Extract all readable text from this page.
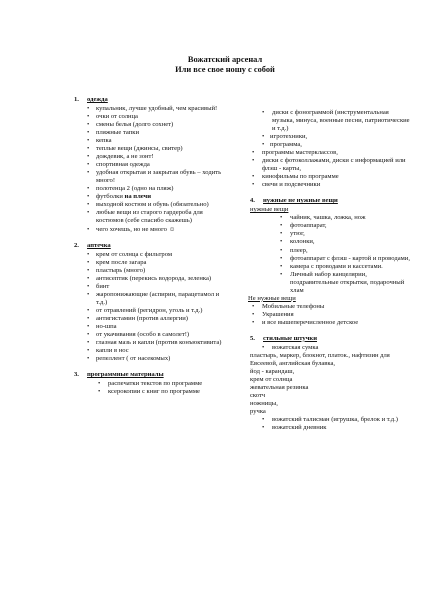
Вожатский арсенал
Или все свое ношу с собой
1.	одежда
• купальник, лучше удобный, чем красивый!
• очки от солнца
• смены белья (долго сохнет)
• пляжные тапки
• кепка
• теплые вещи (джинсы, свитер)
• дождевик, а не зонт!
• спортивная одежда
• удобная открытая и закрытая обувь – ходить много!
• полотенца 2 (одно на пляж)
• футболки на плечи
• выходной костюм и обувь (обязательно)
• любые вещи из старого гардероба для костюмов (себе спасибо скажешь)
• чего хочешь, но не много ☺
2.	аптечка
• крем от солнца с фильтром
• крем после загара
• пластырь (много)
• антисептик (перекись водорода, зеленка)
• бинт
• жаропонижающие (аспирин, парацетамол и т.д.)
• от отравлений (регидрон, уголь и т.д.)
• антигистамин (против аллергии)
• но-шпа
• от укачивания (особо в самолет!)
• глазная мазь и капли (против конъюктивита)
• капли в нос
• репеллент ( от насекомых)
3.	программные материалы
• распечатки текстов по программе
• ксерокопии с книг по программе
• диски с фонограммой (инструментальная музыка, минуса, военные песни, патриотические и т.д.)
• игротехники,
• программа,
• программы мастерклассов,
• диски с фотоколлажами, диски с информацией или флэш - карты,
• кинофильмы по программе
• свечи и подсвечники
4.	нужные не нужные вещи
нужные вещи
• чайник, чашка, ложка, нож
• фотоаппарат,
• утюг,
• колонки,
• плеер,
• фотоаппарат с флэш - картой и проводами,
• камера с проводами и кассетами.
• Личный набор канцелярии, поздравительные открытки, подарочный хлам
Не нужные вещи
• Мобильные телефоны
• Украшения
• и все вышеперечисленное детское
5.	стильные штучки
• вожатская сумка
пластырь, маркер, блокнот, платок., нафтизин для Евсеевой, английская булавка,
йод - карандаш,
крем от солнца
жевательная резинка
скотч
ножницы,
ручка
• вожатский талисман (игрушка, брелок и т.д.)
• вожатский дневник
